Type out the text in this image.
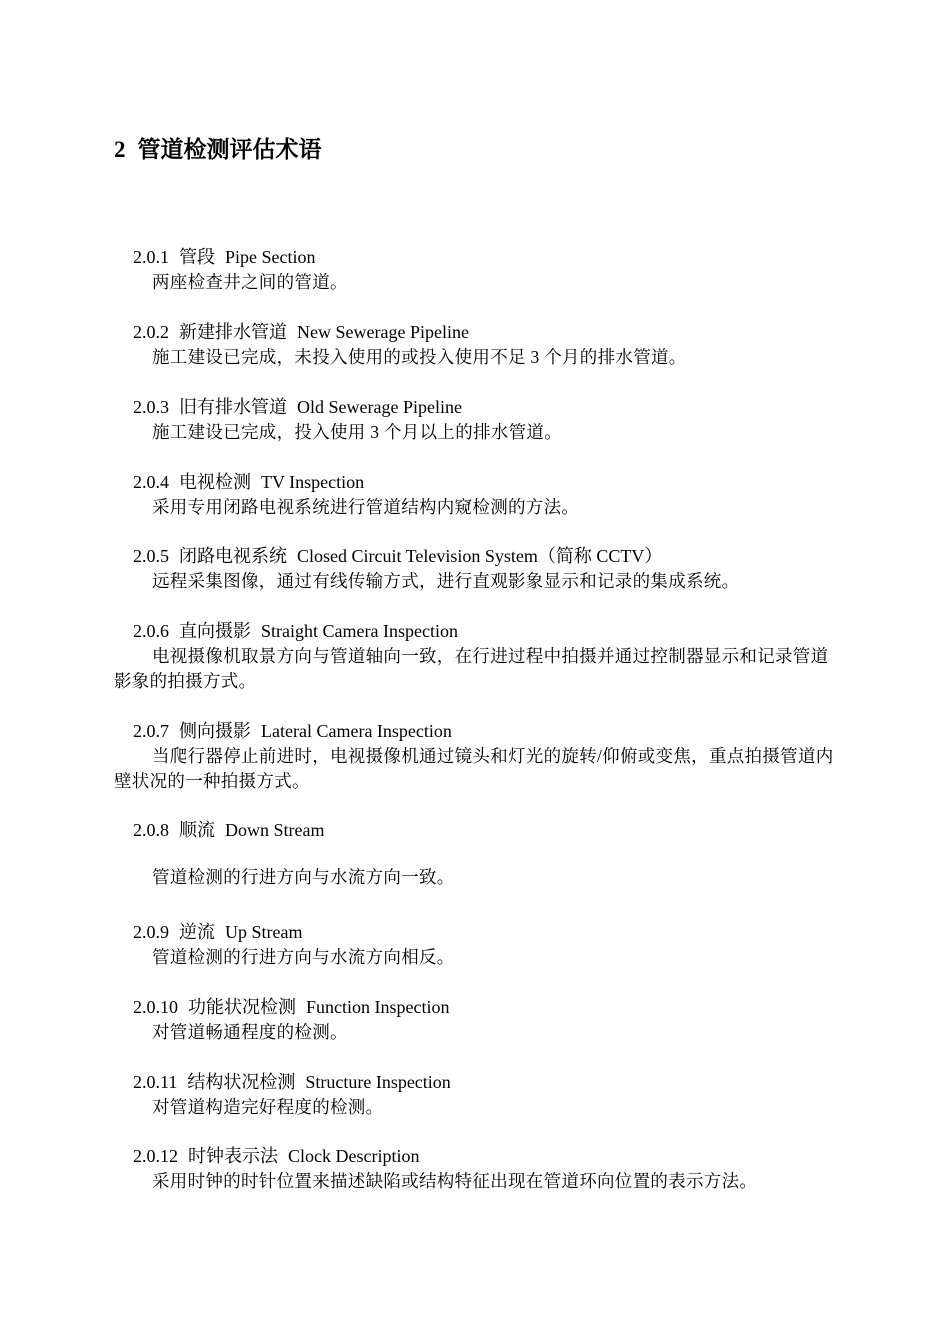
2 管道检测评估术语
2.0.1 管段 Pipe Section
两座检查井之间的管道。
2.0.2 新建排水管道 New Sewerage Pipeline
施工建设已完成，未投入使用的或投入使用不足 3 个月的排水管道。
2.0.3 旧有排水管道 Old Sewerage Pipeline
施工建设已完成，投入使用 3 个月以上的排水管道。
2.0.4 电视检测 TV Inspection
采用专用闭路电视系统进行管道结构内窥检测的方法。
2.0.5 闭路电视系统 Closed Circuit Television System（简称 CCTV）
远程采集图像，通过有线传输方式，进行直观影象显示和记录的集成系统。
2.0.6 直向摄影 Straight Camera Inspection
电视摄像机取景方向与管道轴向一致，在行进过程中拍摄并通过控制器显示和记录管道影象的拍摄方式。
2.0.7 侧向摄影 Lateral Camera Inspection
当爬行器停止前进时，电视摄像机通过镜头和灯光的旋转/仰俯或变焦，重点拍摄管道内壁状况的一种拍摄方式。
2.0.8 顺流 Down Stream
管道检测的行进方向与水流方向一致。
2.0.9 逆流 Up Stream
管道检测的行进方向与水流方向相反。
2.0.10 功能状况检测 Function Inspection
对管道畅通程度的检测。
2.0.11 结构状况检测 Structure Inspection
对管道构造完好程度的检测。
2.0.12 时钟表示法 Clock Description
采用时钟的时针位置来描述缺陷或结构特征出现在管道环向位置的表示方法。
